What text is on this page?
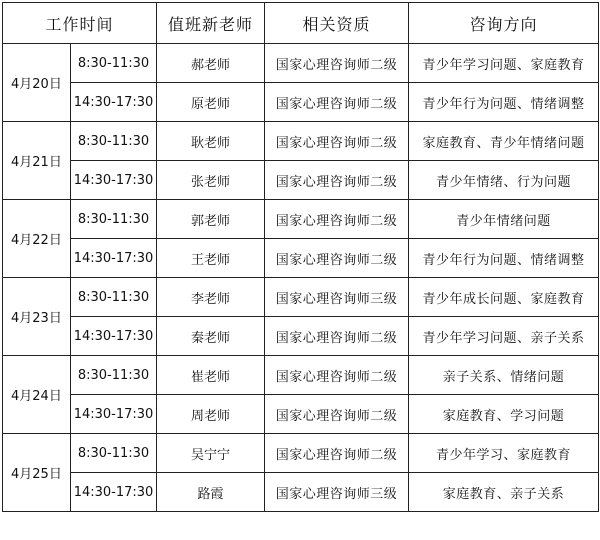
工作时间		值班新老师	相关资质	咨询方向
4月20日	8:30-11:30	郝老师	国家心理咨询师二级	青少年学习问题、家庭教育
	14:30-17:30	原老师	国家心理咨询师二级	青少年行为问题、情绪调整
4月21日	8:30-11:30	耿老师	国家心理咨询师二级	家庭教育、青少年情绪问题
	14:30-17:30	张老师	国家心理咨询师二级	青少年情绪、行为问题
4月22日	8:30-11:30	郭老师	国家心理咨询师二级	青少年情绪问题
	14:30-17:30	王老师	国家心理咨询师二级	青少年行为问题、情绪调整
4月23日	8:30-11:30	李老师	国家心理咨询师三级	青少年成长问题、家庭教育
	14:30-17:30	秦老师	国家心理咨询师二级	青少年学习问题、亲子关系
4月24日	8:30-11:30	崔老师	国家心理咨询师二级	亲子关系、情绪问题
	14:30-17:30	周老师	国家心理咨询师二级	家庭教育、学习问题
4月25日	8:30-11:30	吴宁宁	国家心理咨询师二级	青少年学习、家庭教育
	14:30-17:30	路霞	国家心理咨询师三级	家庭教育、亲子关系
